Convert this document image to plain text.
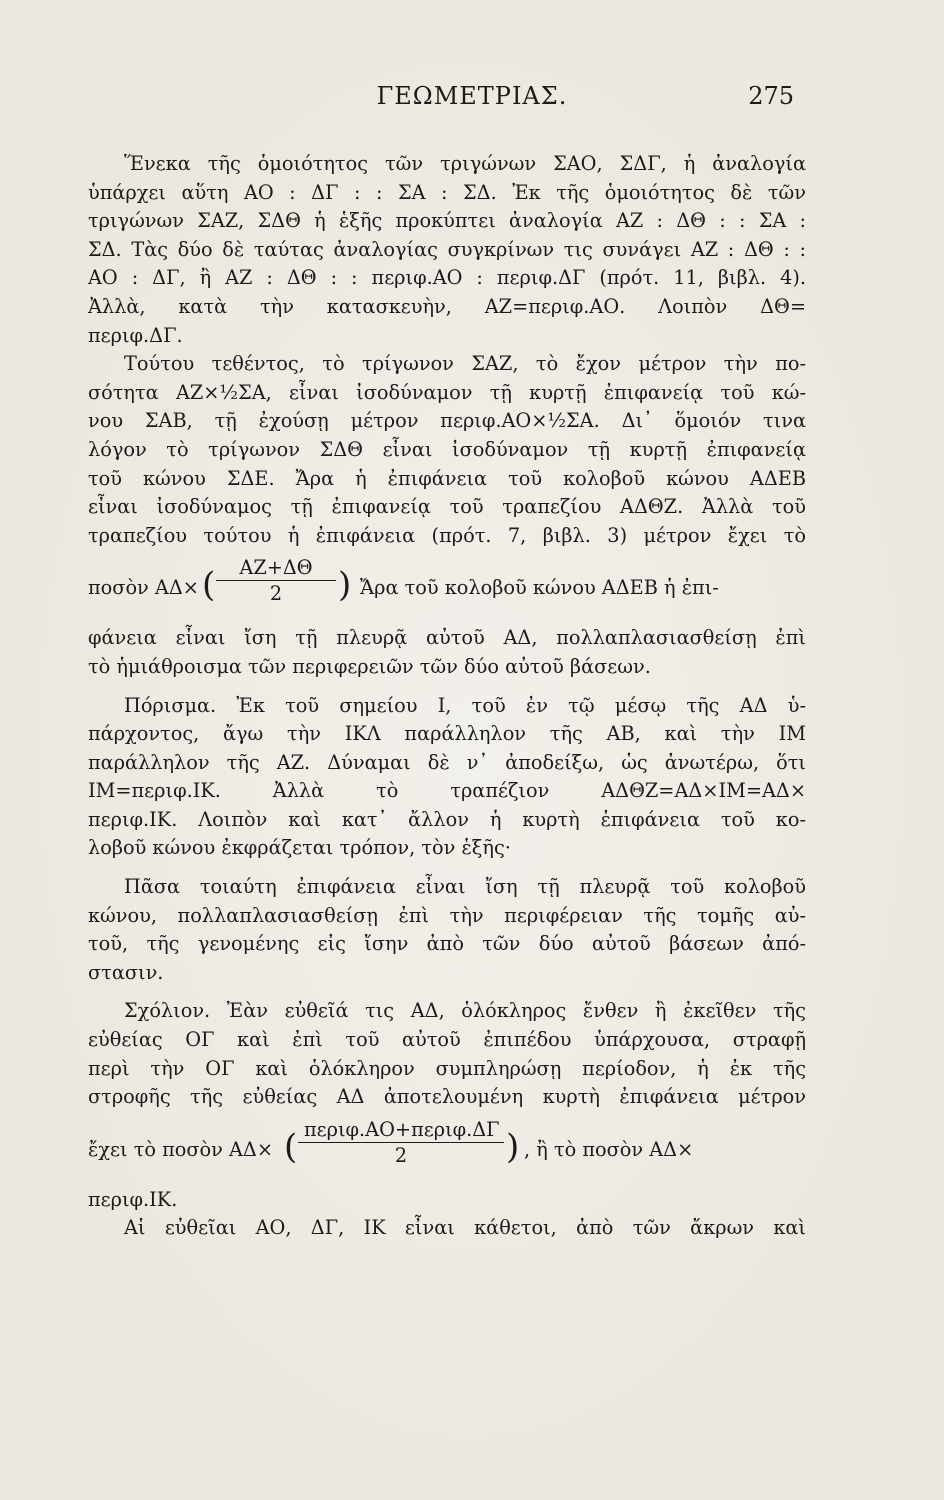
ΓΕΩΜΕΤΡΙΑΣ.	275
Ἕνεκα τῆς ὁμοιότητος τῶν τριγώνων ΣΑΟ, ΣΔΓ, ἡ ἀναλογία
ὑπάρχει αὕτη ΑΟ : ΔΓ : : ΣΑ : ΣΔ. Ἐκ τῆς ὁμοιότητος δὲ τῶν
τριγώνων ΣΑΖ, ΣΔΘ ἡ ἑξῆς προκύπτει ἀναλογία ΑΖ : ΔΘ : : ΣΑ :
ΣΔ. Τὰς δύο δὲ ταύτας ἀναλογίας συγκρίνων τις συνάγει ΑΖ : ΔΘ : :
ΑΟ : ΔΓ, ἢ ΑΖ : ΔΘ : : περιφ.ΑΟ : περιφ.ΔΓ (πρότ. 11, βιβλ. 4).
Ἀλλὰ, κατὰ τὴν κατασκευὴν, ΑΖ=περιφ.ΑΟ. Λοιπὸν ΔΘ=
περιφ.ΔΓ.
Τούτου τεθέντος, τὸ τρίγωνον ΣΑΖ, τὸ ἔχον μέτρον τὴν πο-
σότητα ΑΖ×½ΣΑ, εἶναι ἰσοδύναμον τῇ κυρτῇ ἐπιφανείᾳ τοῦ κώ-
νου ΣΑΒ, τῇ ἐχούσῃ μέτρον περιφ.ΑΟ×½ΣΑ. Δι᾽ ὅμοιόν τινα
λόγον τὸ τρίγωνον ΣΔΘ εἶναι ἰσοδύναμον τῇ κυρτῇ ἐπιφανείᾳ
τοῦ κώνου ΣΔΕ. Ἄρα ἡ ἐπιφάνεια τοῦ κολοβοῦ κώνου ΑΔΕΒ
εἶναι ἰσοδύναμος τῇ ἐπιφανείᾳ τοῦ τραπεζίου ΑΔΘΖ. Ἀλλὰ τοῦ
τραπεζίου τούτου ἡ ἐπιφάνεια (πρότ. 7, βιβλ. 3) μέτρον ἔχει τὸ
ποσὸν ΑΔ× ( $\frac{AZ+\Delta\Theta}{2}$ ) Ἄρα τοῦ κολοβοῦ κώνου ΑΔΕΒ ἡ ἐπι-
φάνεια εἶναι ἴση τῇ πλευρᾷ αὐτοῦ ΑΔ, πολλαπλασιασθείσῃ ἐπὶ
τὸ ἡμιάθροισμα τῶν περιφερειῶν τῶν δύο αὐτοῦ βάσεων.
Πόρισμα. Ἐκ τοῦ σημείου Ι, τοῦ ἐν τῷ μέσῳ τῆς ΑΔ ὑ-
πάρχοντος, ἄγω τὴν ΙΚΛ παράλληλον τῆς ΑΒ, καὶ τὴν ΙΜ
παράλληλον τῆς ΑΖ. Δύναμαι δὲ ν᾽ ἀποδείξω, ὡς ἀνωτέρω, ὅτι
ΙΜ=περιφ.ΙΚ. Ἀλλὰ τὸ τραπέζιον ΑΔΘΖ=ΑΔ×ΙΜ=ΑΔ×
περιφ.ΙΚ. Λοιπὸν καὶ κατ᾽ ἄλλον ἡ κυρτὴ ἐπιφάνεια τοῦ κο-
λοβοῦ κώνου ἐκφράζεται τρόπον, τὸν ἑξῆς·
Πᾶσα τοιαύτη ἐπιφάνεια εἶναι ἴση τῇ πλευρᾷ τοῦ κολοβοῦ
κώνου, πολλαπλασιασθείσῃ ἐπὶ τὴν περιφέρειαν τῆς τομῆς αὐ-
τοῦ, τῆς γενομένης εἰς ἴσην ἀπὸ τῶν δύο αὐτοῦ βάσεων ἀπό-
στασιν.
Σχόλιον. Ἐὰν εὐθεῖά τις ΑΔ, ὁλόκληρος ἔνθεν ἢ ἐκεῖθεν τῆς
εὐθείας ΟΓ καὶ ἐπὶ τοῦ αὐτοῦ ἐπιπέδου ὑπάρχουσα, στραφῇ
περὶ τὴν ΟΓ καὶ ὁλόκληρον συμπληρώσῃ περίοδον, ἡ ἐκ τῆς
στροφῆς τῆς εὐθείας ΑΔ ἀποτελουμένη κυρτὴ ἐπιφάνεια μέτρον
ἔχει τὸ ποσὸν ΑΔ× ( περιφ.ΑΟ+περιφ.ΔΓ
2	) , ἢ τὸ ποσὸν ΑΔ×
περιφ.ΙΚ.
Αἱ εὐθεῖαι ΑΟ, ΔΓ, ΙΚ εἶναι κάθετοι, ἀπὸ τῶν ἄκρων καὶ
